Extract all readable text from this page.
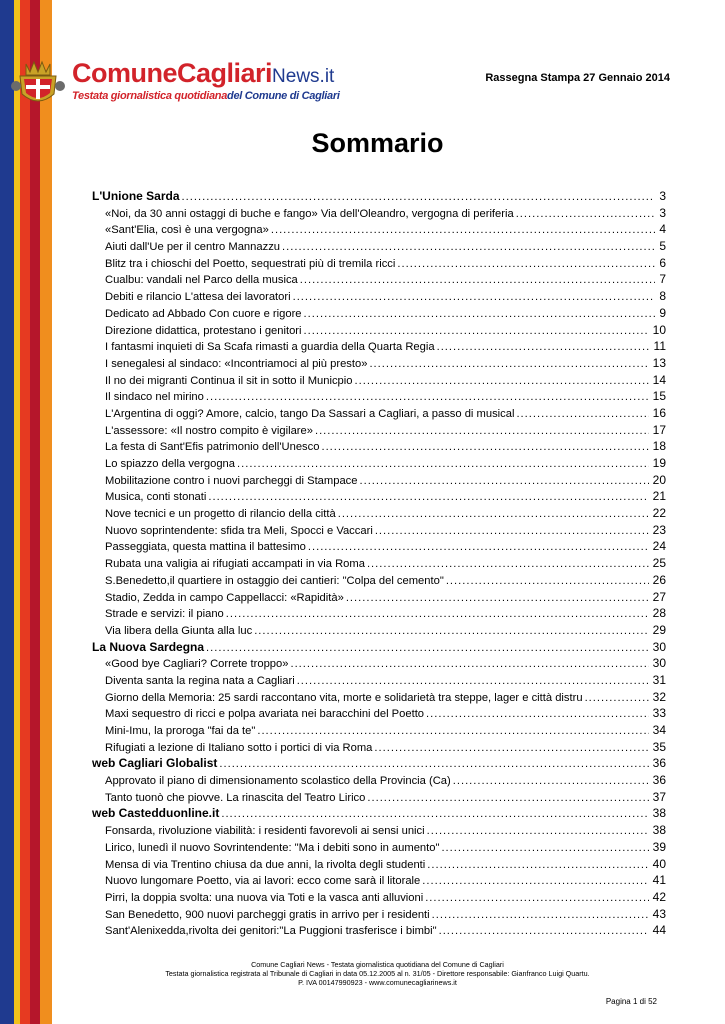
ComuneCagliariNews.it
Testata giornalistica quotidianadel Comune di Cagliari
Rassegna Stampa 27 Gennaio 2014
Sommario
L'Unione Sarda .....	3
«Noi, da 30 anni ostaggi di buche e fango» Via dell'Oleandro, vergogna di periferia .....	3
«Sant'Elia, così è una vergogna» .....	4
Aiuti dall'Ue per il centro Mannazzu .....	5
Blitz tra i chioschi del Poetto, sequestrati più di tremila ricci .....	6
Cualbu: vandali nel Parco della musica .....	7
Debiti e rilancio L'attesa dei lavoratori .....	8
Dedicato ad Abbado Con cuore e rigore .....	9
Direzione didattica, protestano i genitori .....	10
I fantasmi inquieti di Sa Scafa rimasti a guardia della Quarta Regia .....	11
I senegalesi al sindaco: «Incontriamoci al più presto» .....	13
Il no dei migranti Continua il sit in sotto il Municpio .....	14
Il sindaco nel mirino .....	15
L'Argentina di oggi? Amore, calcio, tango Da Sassari a Cagliari, a passo di musical .....	16
L'assessore: «Il nostro compito è vigilare» .....	17
La festa di Sant'Efis patrimonio dell'Unesco .....	18
Lo spiazzo della vergogna .....	19
Mobilitazione contro i nuovi parcheggi di Stampace .....	20
Musica, conti stonati .....	21
Nove tecnici e un progetto di rilancio della città .....	22
Nuovo soprintendente: sfida tra Meli, Spocci e Vaccari .....	23
Passeggiata, questa mattina il battesimo .....	24
Rubata una valigia ai rifugiati accampati in via Roma .....	25
S.Benedetto,il quartiere in ostaggio dei cantieri: "Colpa del cemento" .....	26
Stadio, Zedda in campo Cappellacci: «Rapidità» .....	27
Strade e servizi: il piano .....	28
Via libera della Giunta alla luc .....	29
La Nuova Sardegna .....	30
«Good bye Cagliari? Correte troppo» .....	30
Diventa santa la regina nata a Cagliari .....	31
Giorno della Memoria: 25 sardi raccontano vita, morte e solidarietà tra steppe, lager e città distru .....	32
Maxi sequestro di ricci e polpa avariata nei baracchini del Poetto .....	33
Mini-Imu, la proroga "fai da te" .....	34
Rifugiati a lezione di Italiano sotto i portici di via Roma .....	35
web Cagliari Globalist .....	36
Approvato il piano di dimensionamento scolastico della Provincia (Ca) .....	36
Tanto tuonò che piovve. La rinascita del Teatro Lirico .....	37
web Castedduonline.it .....	38
Fonsarda, rivoluzione viabilità: i residenti favorevoli ai sensi unici .....	38
Lirico, lunedì il nuovo Sovrintendente: "Ma i debiti sono in aumento" .....	39
Mensa di via Trentino chiusa da due anni, la rivolta degli studenti .....	40
Nuovo lungomare Poetto, via ai lavori: ecco come sarà il litorale .....	41
Pirri, la doppia svolta: una nuova via Toti e la vasca anti alluvioni .....	42
San Benedetto, 900 nuovi parcheggi gratis in arrivo per i residenti .....	43
Sant'Alenixedda,rivolta dei genitori:"La Puggioni trasferisce i bimbi" .....	44
Comune Cagliari News - Testata giornalistica quotidiana del Comune di Cagliari
Testata giornalistica registrata al Tribunale di Cagliari in data 05.12.2005 al n. 31/05 - Direttore responsabile: Gianfranco Luigi Quartu.
P. IVA 00147990923 - www.comunecagliarinews.it
Pagina 1 di 52
